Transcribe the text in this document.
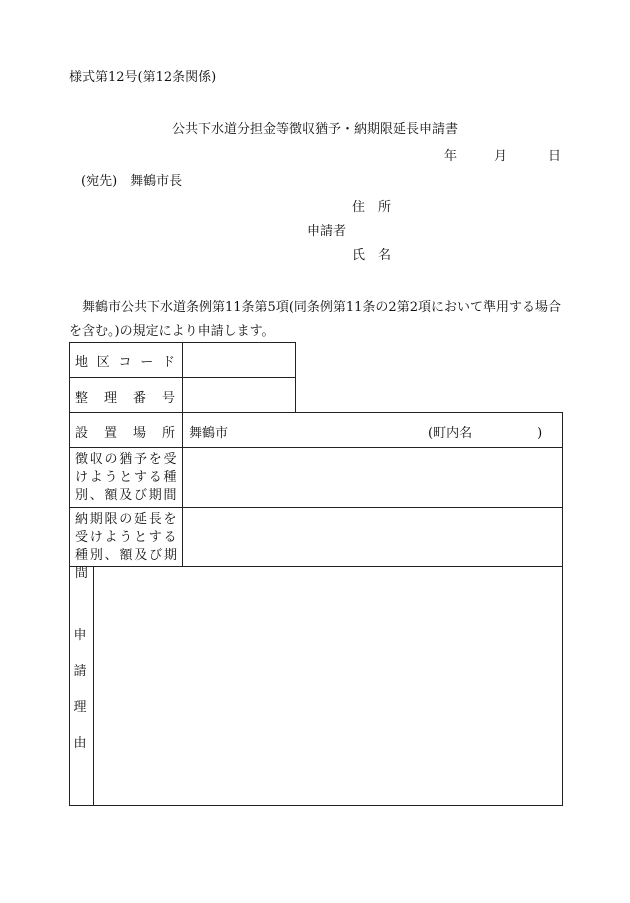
様式第12号(第12条関係)
公共下水道分担金等徴収猶予・納期限延長申請書
年	月	日
(宛先)　舞鶴市長
住　所
申請者
氏　名
舞鶴市公共下水道条例第11条第5項(同条例第11条の2第2項において準用する場合
を含む。)の規定により申請します。
地区コード
整理番号
設置場所 舞鶴市	(町内名　　　　　)
徴収の猶予を受
けようとする種
別、額及び期間
納期限の延長を
受けようとする
種別、額及び期間
申
請
理
由
